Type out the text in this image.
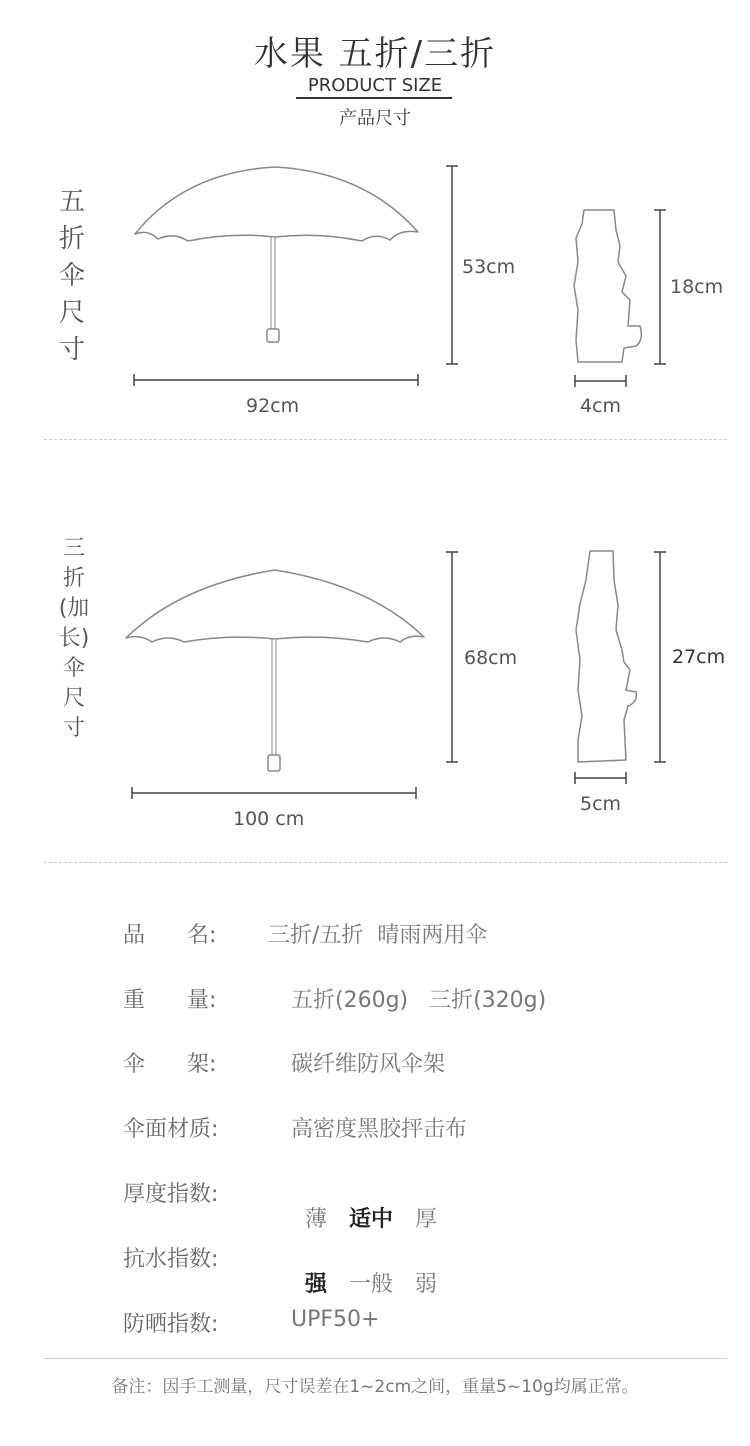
水果 五折/三折
PRODUCT SIZE
产品尺寸
五
折
伞
尺
寸
92cm
53cm
18cm
4cm
三
折
(加
长)
伞
尺
寸
100 cm
68cm	27cm
5cm
品      名: 三折/五折  晴雨两用伞
重      量:	五折(260g)   三折(320g)
伞      架:	碳纤维防风伞架
伞面材质:	高密度黑胶抨击布
厚度指数:

薄 适中 厚

抗水指数:

强 一般 弱

防晒指数:	UPF50+
备注：因手工测量，尺寸误差在1~2cm之间，重量5~10g均属正常。
